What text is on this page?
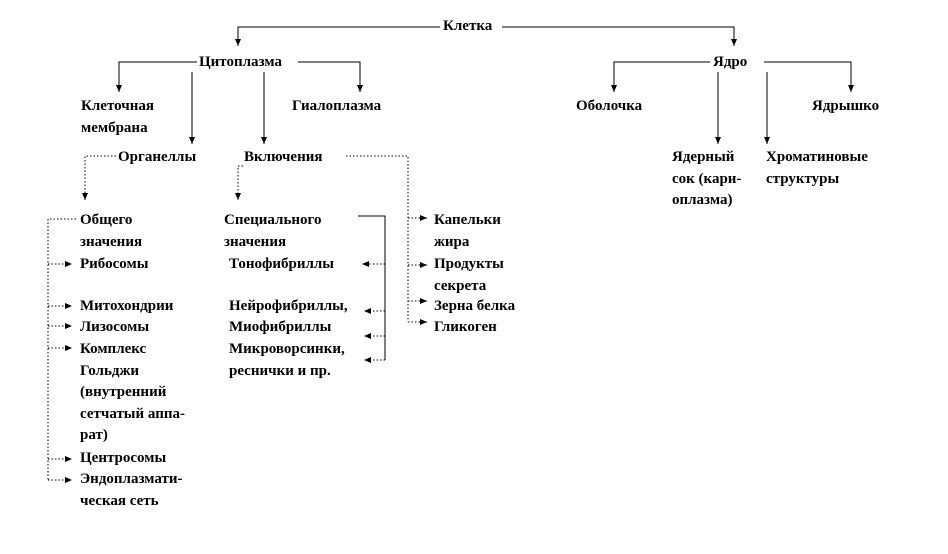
Клетка

Цитоплазма

Клеточная
мембрана

Гиалоплазма

Органеллы	Включения

Общего
значения

Рибосомы

Митохондрии

Лизосомы

Комплекс
Гольджи
(внутренний
сетчатый аппа-
рат)

Центросомы

Эндоплазмати-
ческая сеть

Специального
значения

Тонофибриллы

Нейрофибриллы,

Миофибриллы

Микроворсинки,
реснички и пр.

Капельки
жира

Продукты
секрета

Зерна белка

Гликоген

Ядро

Оболочка	Ядрышко

Ядерный
сок (кари-
оплазма)

Хроматиновые
структуры
